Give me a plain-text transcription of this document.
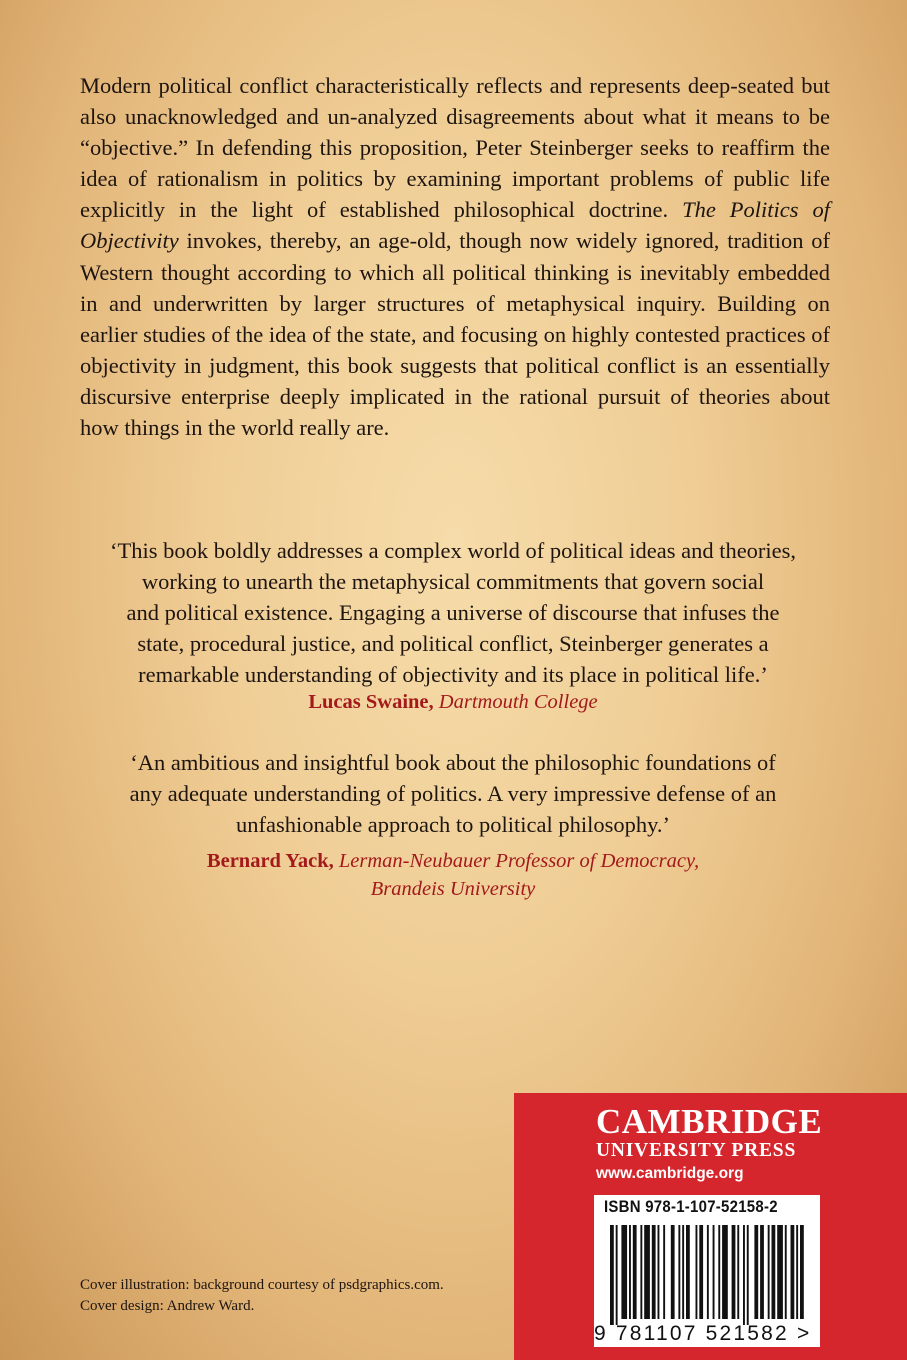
Modern political conflict characteristically reflects and represents deep-seated but also unacknowledged and un-analyzed disagreements about what it means to be “objective.” In defending this proposition, Peter Steinberger seeks to reaffirm the idea of rationalism in politics by examining important problems of public life explicitly in the light of established philosophical doctrine. The Politics of Objectivity invokes, thereby, an age-old, though now widely ignored, tradition of Western thought according to which all political thinking is inevitably embedded in and underwritten by larger structures of metaphysical inquiry. Building on earlier studies of the idea of the state, and focusing on highly contested practices of objectivity in judgment, this book suggests that political conflict is an essentially discursive enterprise deeply implicated in the rational pursuit of theories about how things in the world really are.

‘This book boldly addresses a complex world of political ideas and theories,
working to unearth the metaphysical commitments that govern social
and political existence. Engaging a universe of discourse that infuses the
state, procedural justice, and political conflict, Steinberger generates a
remarkable understanding of objectivity and its place in political life.’
Lucas Swaine, Dartmouth College
‘An ambitious and insightful book about the philosophic foundations of
any adequate understanding of politics. A very impressive defense of an
unfashionable approach to political philosophy.’
Bernard Yack, Lerman-Neubauer Professor of Democracy,
Brandeis University
Cover illustration: background courtesy of psdgraphics.com.
Cover design: Andrew Ward.
CAMBRIDGE
UNIVERSITY PRESS
www.cambridge.org
ISBN 978-1-107-52158-2
9 781107 521582 >
